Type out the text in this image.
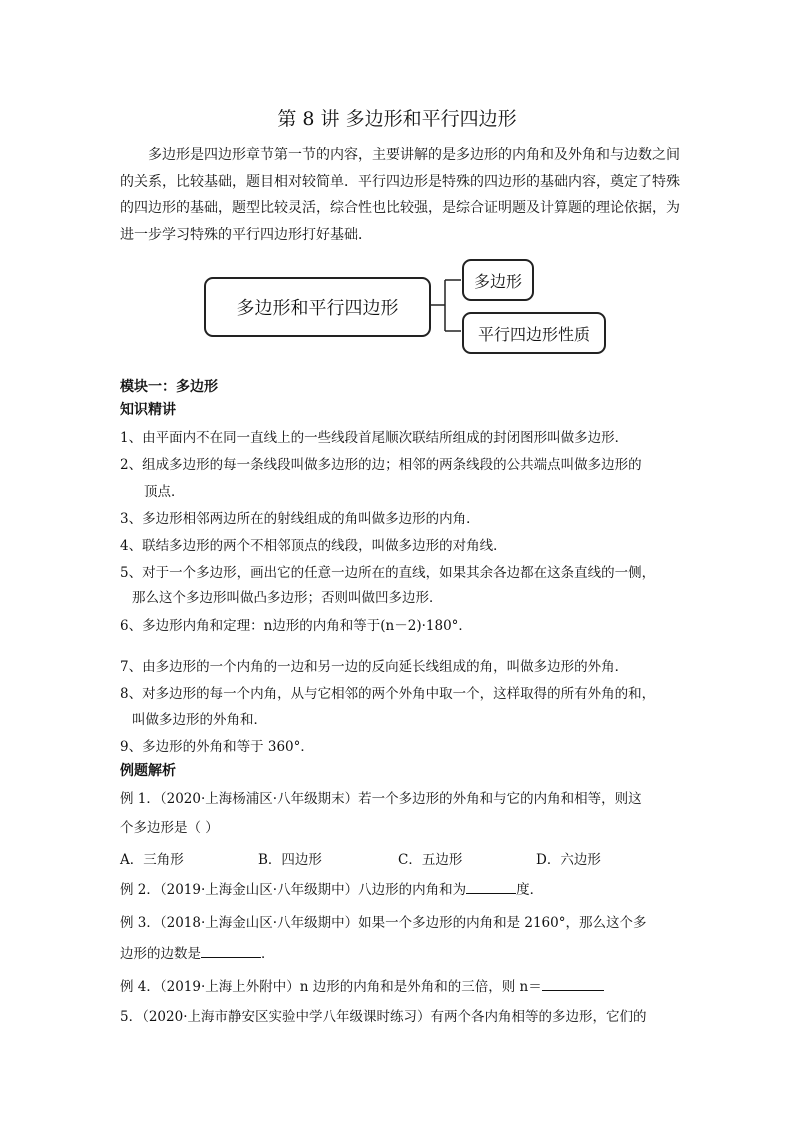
第 8 讲 多边形和平行四边形
多边形是四边形章节第一节的内容，主要讲解的是多边形的内角和及外角和与边数之间
的关系，比较基础，题目相对较简单．平行四边形是特殊的四边形的基础内容，奠定了特殊
的四边形的基础，题型比较灵活，综合性也比较强，是综合证明题及计算题的理论依据，为
进一步学习特殊的平行四边形打好基础．
多边形和平行四边形
多边形
平行四边形性质
模块一：多边形
知识精讲
1、由平面内不在同一直线上的一些线段首尾顺次联结所组成的封闭图形叫做多边形．
2、组成多边形的每一条线段叫做多边形的边；相邻的两条线段的公共端点叫做多边形的
顶点．
3、多边形相邻两边所在的射线组成的角叫做多边形的内角．
4、联结多边形的两个不相邻顶点的线段，叫做多边形的对角线．
5、对于一个多边形，画出它的任意一边所在的直线，如果其余各边都在这条直线的一侧，
那么这个多边形叫做凸多边形；否则叫做凹多边形．
6、多边形内角和定理：n边形的内角和等于(n－2)·180°．
7、由多边形的一个内角的一边和另一边的反向延长线组成的角，叫做多边形的外角．
8、对多边形的每一个内角，从与它相邻的两个外角中取一个，这样取得的所有外角的和，
叫做多边形的外角和．
9、多边形的外角和等于 360°．
例题解析
例 1．（2020·上海杨浦区·八年级期末）若一个多边形的外角和与它的内角和相等，则这
个多边形是（ ）
A．三角形	B．四边形	C．五边形	D．六边形
例 2．（2019·上海金山区·八年级期中）八边形的内角和为	度．
例 3．（2018·上海金山区·八年级期中）如果一个多边形的内角和是 2160°，那么这个多
边形的边数是	．
例 4．（2019·上海上外附中）n 边形的内角和是外角和的三倍，则 n＝
5．（2020·上海市静安区实验中学八年级课时练习）有两个各内角相等的多边形，它们的
